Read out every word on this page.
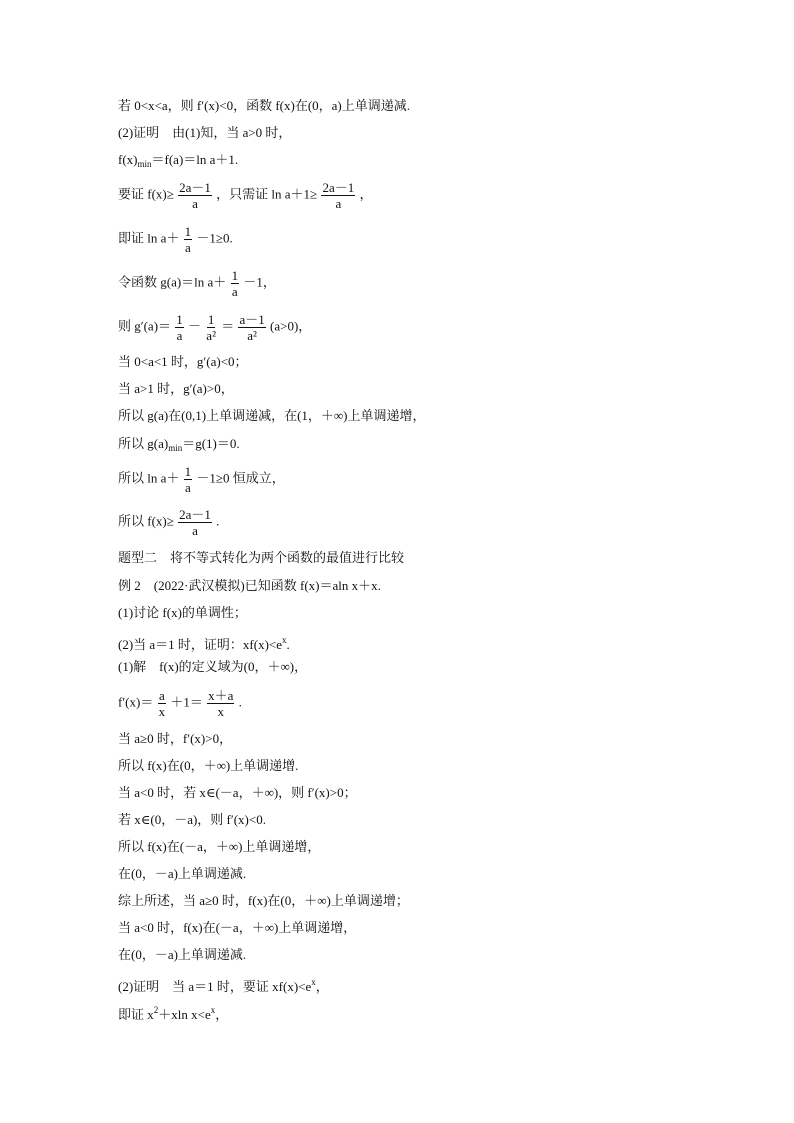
若 0<x<a，则 f′(x)<0，函数 f(x)在(0，a)上单调递减.
(2)证明　由(1)知，当 a>0 时，
$f(x)_{min}=f(a)=\ln$ a＋1.
要证 $f(x)\ge \frac{2a-1}{a}$ ，只需证 $\ln a+1\ge \frac{2a-1}{a}$ ，
即证 $\ln a+ \frac{1}{a} -1\ge 0$.
令函数 g(a)＝ln $a+ \frac{1}{a} -1$，
则 $g'(a)= \frac{1}{a} - \frac{1}{\text{a²}} = \frac{a-1}{\text{a²}} (a>0)$，
当 0<a<1 时，g′(a)<0；
当 a>1 时，g′(a)>0，
所以 g(a)在(0,1)上单调递减，在(1，＋∞)上单调递增，
所以 $g(a)_{min}=g(1)=0$.
所以 $\ln a+ \frac{1}{a} -1\ge 0$ 恒成立，
所以 $f(x)\ge \frac{2a-1}{a}$ .
题型二　将不等式转化为两个函数的最值进行比较
例 2　(2022·武汉模拟)已知函数 f(x)＝aln x＋x.
(1)讨论 f(x)的单调性；
(2)当 a＝1 时，证明：$xf(x)<e^x$.
(1)解　f(x)的定义域为(0，＋∞)，
$f'(x)= \frac{a}{x} +1= \frac{x+a}{x}$ .
当 a≥0 时，f′(x)>0，
所以 f(x)在(0，＋∞)上单调递增.
当 a<0 时，若 x∈(－a，＋∞)，则 f′(x)>0；
若 x∈(0，－a)，则 f′(x)<0.
所以 f(x)在(－a，＋∞)上单调递增，
在(0，－a)上单调递减.
综上所述，当 a≥0 时，f(x)在(0，＋∞)上单调递增；
当 a<0 时，f(x)在(－a，＋∞)上单调递增，
在(0，－a)上单调递减.
(2)证明　当 a＝1 时，要证 $xf(x)<e^x$，
即证 $x^2+xln$ $x<e^x$，
